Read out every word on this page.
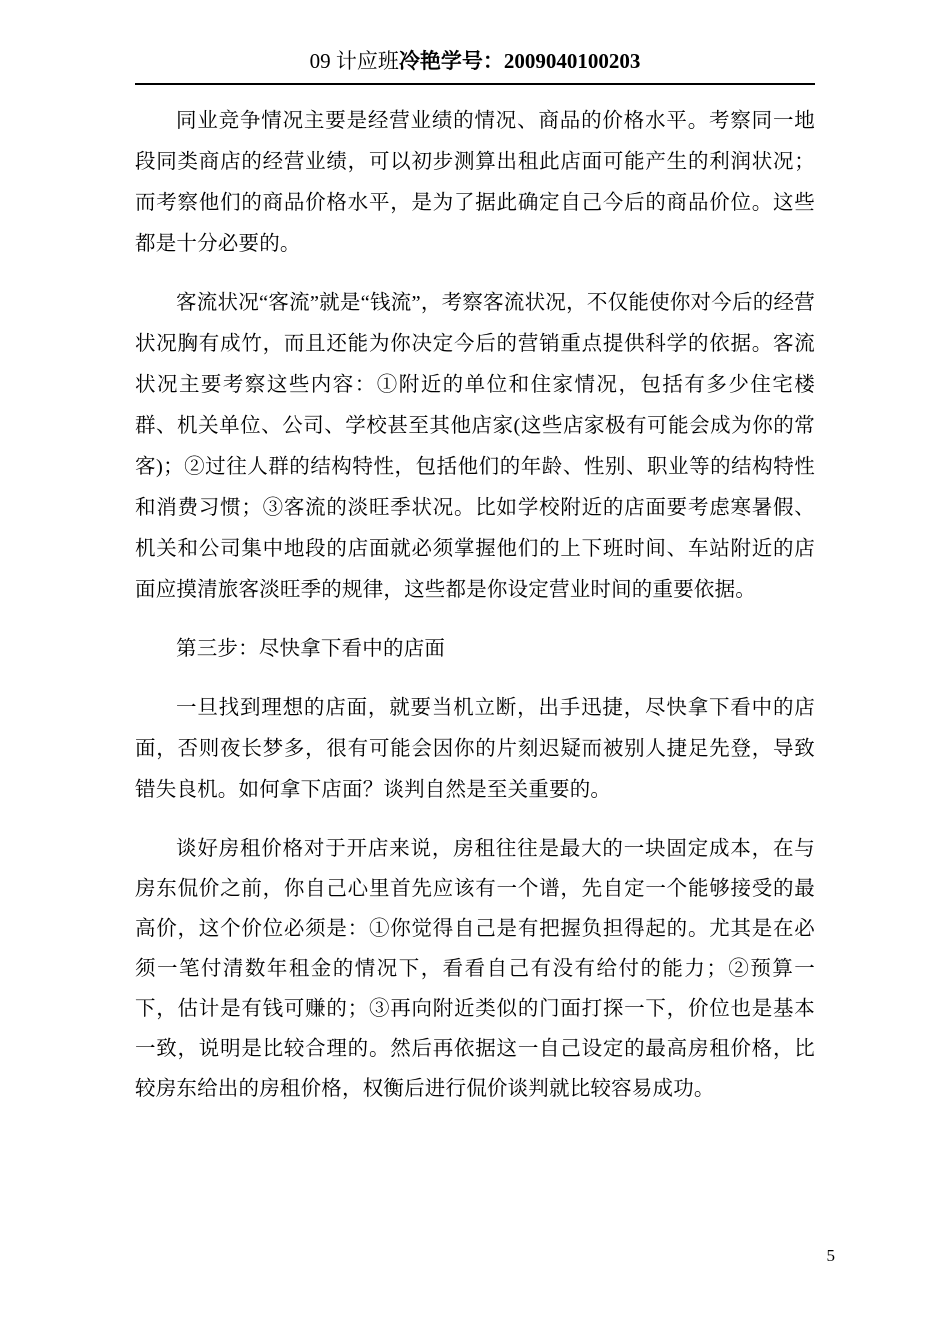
09 计应班冷艳学号：2009040100203

同业竞争情况主要是经营业绩的情况、商品的价格水平。考察同一地段同类商店的经营业绩，可以初步测算出租此店面可能产生的利润状况；而考察他们的商品价格水平，是为了据此确定自己今后的商品价位。这些都是十分必要的。

客流状况“客流”就是“钱流”，考察客流状况，不仅能使你对今后的经营状况胸有成竹，而且还能为你决定今后的营销重点提供科学的依据。客流状况主要考察这些内容：①附近的单位和住家情况，包括有多少住宅楼群、机关单位、公司、学校甚至其他店家(这些店家极有可能会成为你的常客)；②过往人群的结构特性，包括他们的年龄、性别、职业等的结构特性和消费习惯；③客流的淡旺季状况。比如学校附近的店面要考虑寒暑假、机关和公司集中地段的店面就必须掌握他们的上下班时间、车站附近的店面应摸清旅客淡旺季的规律，这些都是你设定营业时间的重要依据。

第三步：尽快拿下看中的店面

一旦找到理想的店面，就要当机立断，出手迅捷，尽快拿下看中的店面，否则夜长梦多，很有可能会因你的片刻迟疑而被别人捷足先登，导致错失良机。如何拿下店面？谈判自然是至关重要的。

谈好房租价格对于开店来说，房租往往是最大的一块固定成本，在与房东侃价之前，你自己心里首先应该有一个谱，先自定一个能够接受的最高价，这个价位必须是：①你觉得自己是有把握负担得起的。尤其是在必须一笔付清数年租金的情况下，看看自己有没有给付的能力；②预算一下，估计是有钱可赚的；③再向附近类似的门面打探一下，价位也是基本一致，说明是比较合理的。然后再依据这一自己设定的最高房租价格，比较房东给出的房租价格，权衡后进行侃价谈判就比较容易成功。

5
